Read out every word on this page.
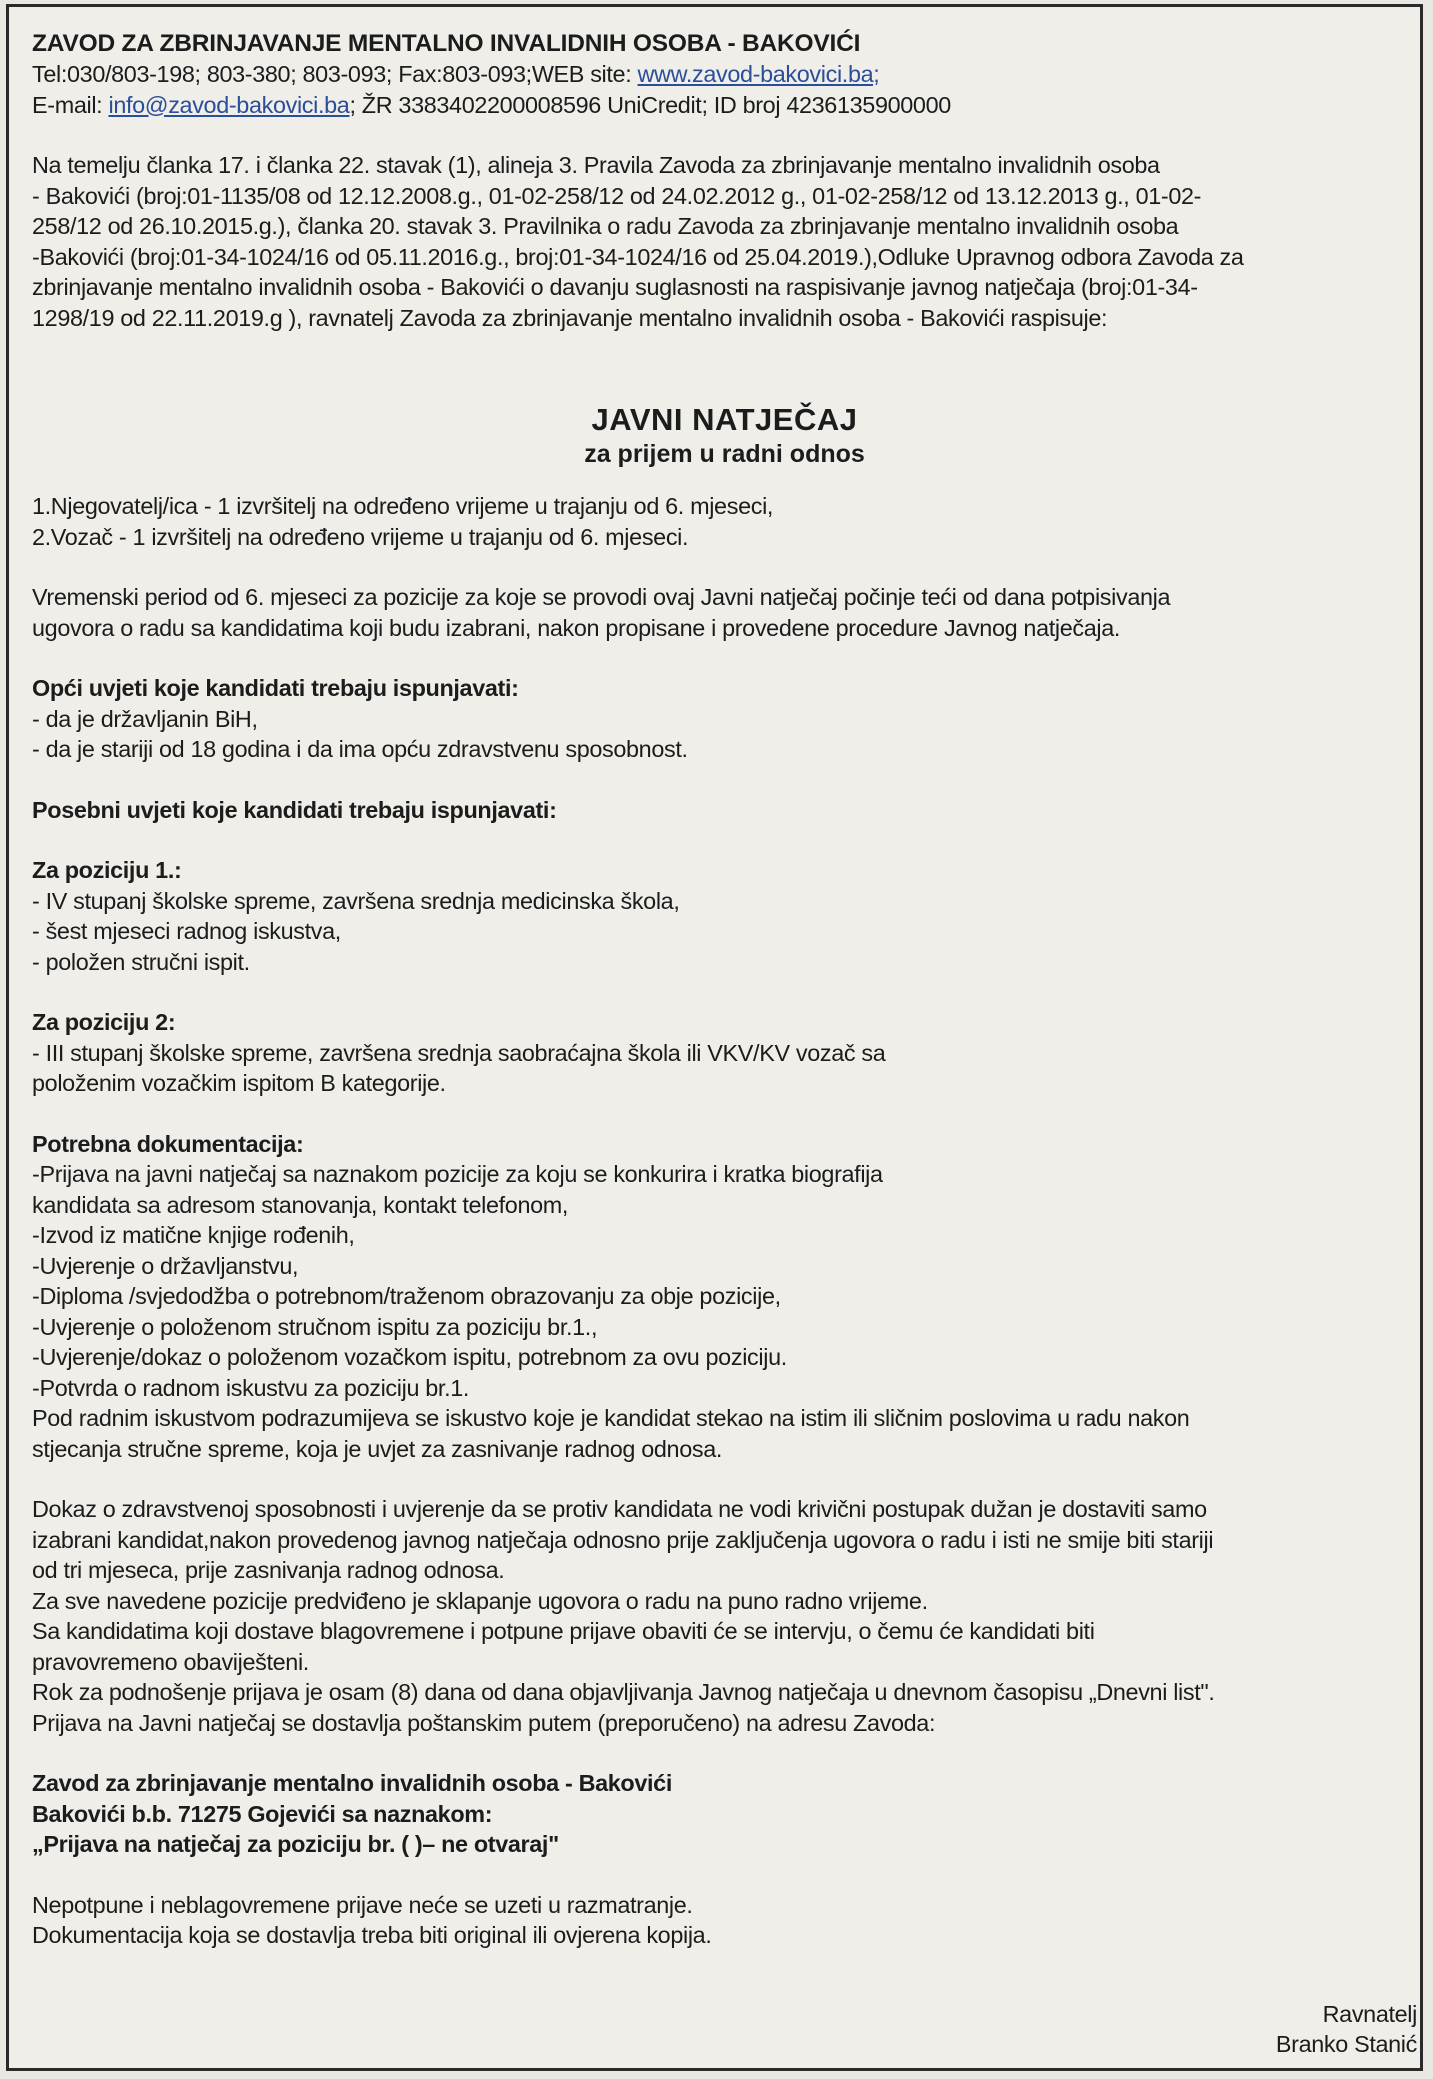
ZAVOD ZA ZBRINJAVANJE MENTALNO INVALIDNIH OSOBA - BAKOVIĆI

Tel:030/803-198; 803-380; 803-093; Fax:803-093;WEB site: www.zavod-bakovici.ba;

E-mail: info@zavod-bakovici.ba; ŽR 3383402200008596 UniCredit; ID broj 4236135900000

Na temelju članka 17. i članka 22. stavak (1), alineja 3. Pravila Zavoda za zbrinjavanje mentalno invalidnih osoba

- Bakovići (broj:01-1135/08 od 12.12.2008.g., 01-02-258/12 od 24.02.2012 g., 01-02-258/12 od 13.12.2013 g., 01-02-

258/12 od 26.10.2015.g.), članka 20. stavak 3. Pravilnika o radu Zavoda za zbrinjavanje mentalno invalidnih osoba

-Bakovići (broj:01-34-1024/16 od 05.11.2016.g., broj:01-34-1024/16 od 25.04.2019.),Odluke Upravnog odbora Zavoda za

zbrinjavanje mentalno invalidnih osoba - Bakovići o davanju suglasnosti na raspisivanje javnog natječaja (broj:01-34-

1298/19 od 22.11.2019.g ), ravnatelj Zavoda za zbrinjavanje mentalno invalidnih osoba - Bakovići raspisuje:

JAVNI NATJEČAJ

za prijem u radni odnos

1.Njegovatelj/ica - 1 izvršitelj na određeno vrijeme u trajanju od 6. mjeseci,

2.Vozač - 1 izvršitelj na određeno vrijeme u trajanju od 6. mjeseci.

Vremenski period od 6. mjeseci za pozicije za koje se provodi ovaj Javni natječaj počinje teći od dana potpisivanja

ugovora o radu sa kandidatima koji budu izabrani, nakon propisane i provedene procedure Javnog natječaja.

Opći uvjeti koje kandidati trebaju ispunjavati:

- da je državljanin BiH,

- da je stariji od 18 godina i da ima opću zdravstvenu sposobnost.

Posebni uvjeti koje kandidati trebaju ispunjavati:

Za poziciju 1.:

- IV stupanj školske spreme, završena srednja medicinska škola,

- šest mjeseci radnog iskustva,

- položen stručni ispit.

Za poziciju 2:

- III stupanj školske spreme, završena srednja saobraćajna škola ili VKV/KV vozač sa

položenim vozačkim ispitom B kategorije.

Potrebna dokumentacija:

-Prijava na javni natječaj sa naznakom pozicije za koju se konkurira i kratka biografija

kandidata sa adresom stanovanja, kontakt telefonom,

-Izvod iz matične knjige rođenih,

-Uvjerenje o državljanstvu,

-Diploma /svjedodžba o potrebnom/traženom obrazovanju za obje pozicije,

-Uvjerenje o položenom stručnom ispitu za poziciju br.1.,

-Uvjerenje/dokaz o položenom vozačkom ispitu, potrebnom za ovu poziciju.

-Potvrda o radnom iskustvu za poziciju br.1.

Pod radnim iskustvom podrazumijeva se iskustvo koje je kandidat stekao na istim ili sličnim poslovima u radu nakon

stjecanja stručne spreme, koja je uvjet za zasnivanje radnog odnosa.

Dokaz o zdravstvenoj sposobnosti i uvjerenje da se protiv kandidata ne vodi krivični postupak dužan je dostaviti samo

izabrani kandidat,nakon provedenog javnog natječaja odnosno prije zaključenja ugovora o radu i isti ne smije biti stariji

od tri mjeseca, prije zasnivanja radnog odnosa.

Za sve navedene pozicije predviđeno je sklapanje ugovora o radu na puno radno vrijeme.

Sa kandidatima koji dostave blagovremene i potpune prijave obaviti će se intervju, o čemu će kandidati biti

pravovremeno obaviješteni.

Rok za podnošenje prijava je osam (8) dana od dana objavljivanja Javnog natječaja u dnevnom časopisu „Dnevni list".

Prijava na Javni natječaj se dostavlja poštanskim putem (preporučeno) na adresu Zavoda:

Zavod za zbrinjavanje mentalno invalidnih osoba - Bakovići

Bakovići b.b. 71275 Gojevići sa naznakom:

„Prijava na natječaj za poziciju br. ( )– ne otvaraj"

Nepotpune i neblagovremene prijave neće se uzeti u razmatranje.

Dokumentacija koja se dostavlja treba biti original ili ovjerena kopija.

Ravnatelj

Branko Stanić
